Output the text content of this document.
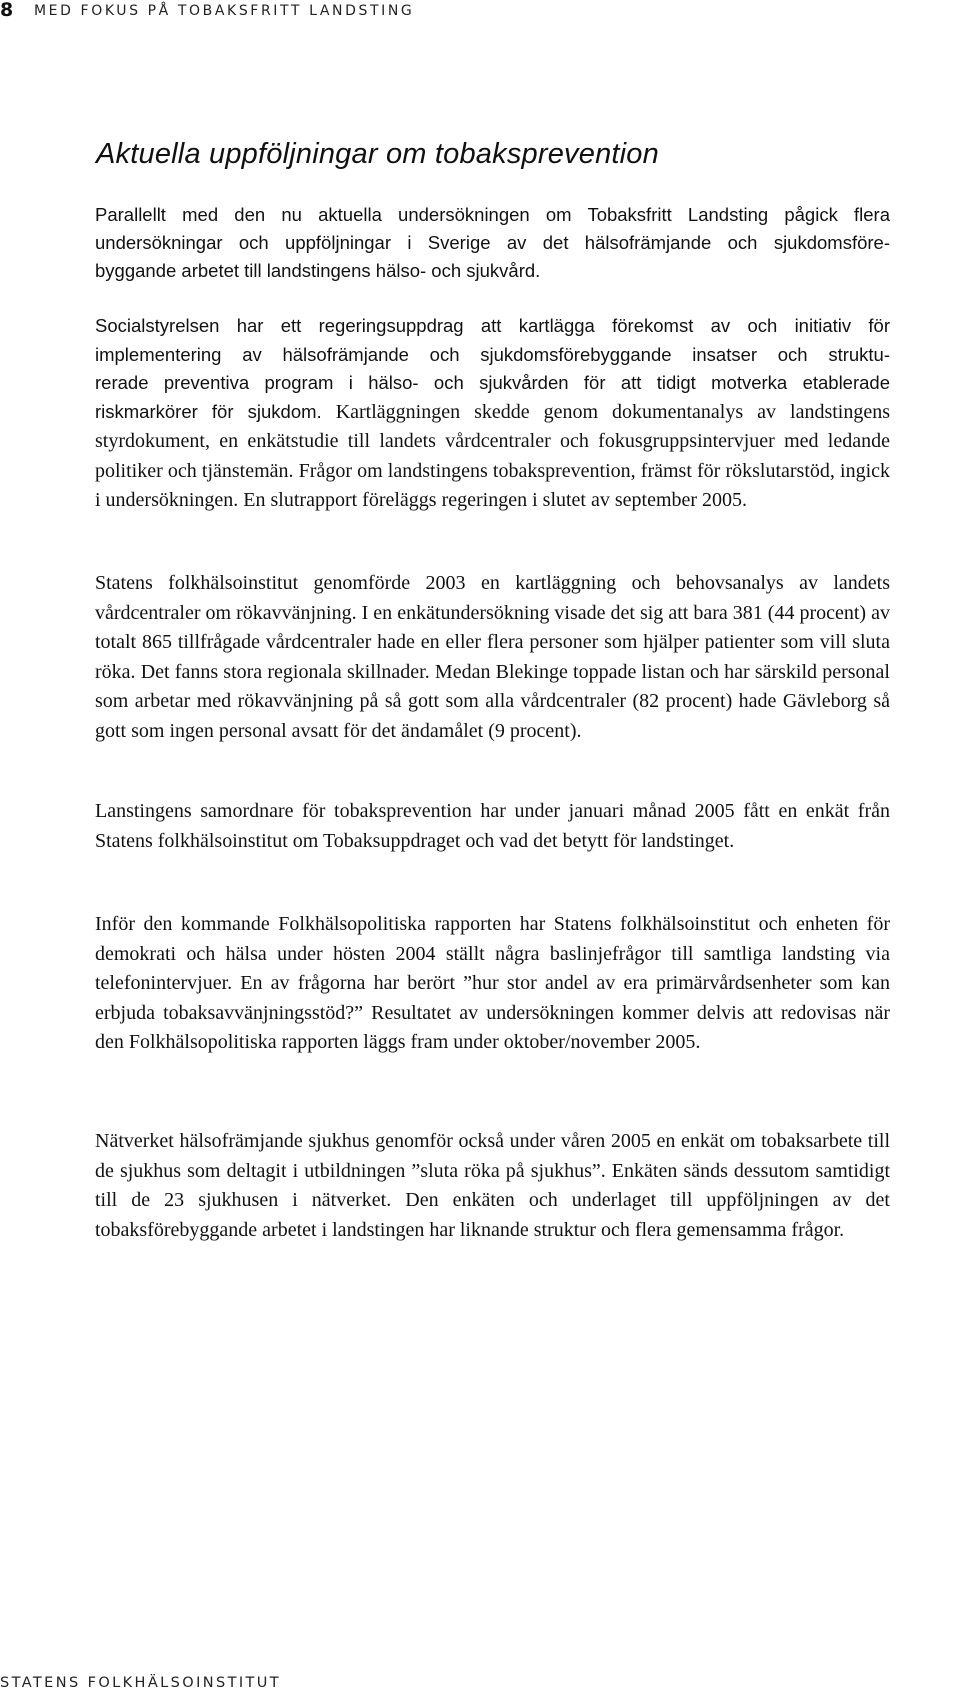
8 MED FOKUS PÅ TOBAKSFRITT LANDSTING
Aktuella uppföljningar om tobaksprevention
Parallellt med den nu aktuella undersökningen om Tobaksfritt Landsting pågick flera
undersökningar och uppföljningar i Sverige av det hälsofrämjande och sjukdomsföre-
byggande arbetet till landstingens hälso- och sjukvård.
Socialstyrelsen har ett regeringsuppdrag att kartlägga förekomst av och initiativ för
implementering av hälsofrämjande och sjukdomsförebyggande insatser och struktu-
rerade preventiva program i hälso- och sjukvården för att tidigt motverka etablerade

riskmarkörer för sjukdom. Kartläggningen skedde genom dokumentanalys av landstingens styrdokument, en enkätstudie till landets vårdcentraler och fokusgruppsintervjuer med ledande politiker och tjänstemän. Frågor om landstingens tobaksprevention, främst för rökslutarstöd, ingick i undersökningen. En slutrapport föreläggs regeringen i slutet av september 2005.

Statens folkhälsoinstitut genomförde 2003 en kartläggning och behovsanalys av landets vårdcentraler om rökavvänjning. I en enkätundersökning visade det sig att bara 381 (44 procent) av totalt 865 tillfrågade vårdcentraler hade en eller flera personer som hjälper patienter som vill sluta röka. Det fanns stora regionala skillnader. Medan Blekinge toppade listan och har särskild personal som arbetar med rökavvänjning på så gott som alla vårdcentraler (82 procent) hade Gävleborg så gott som ingen personal avsatt för det ändamålet (9 procent).

Lanstingens samordnare för tobaksprevention har under januari månad 2005 fått en enkät från Statens folkhälsoinstitut om Tobaksuppdraget och vad det betytt för landstinget.

Inför den kommande Folkhälsopolitiska rapporten har Statens folkhälsoinstitut och enheten för demokrati och hälsa under hösten 2004 ställt några baslinjefrågor till samtliga landsting via telefonintervjuer. En av frågorna har berört ”hur stor andel av era primärvårdsenheter som kan erbjuda tobaksavvänjningsstöd?” Resultatet av undersökningen kommer delvis att redovisas när den Folkhälsopolitiska rapporten läggs fram under oktober/november 2005.

Nätverket hälsofrämjande sjukhus genomför också under våren 2005 en enkät om tobaksarbete till de sjukhus som deltagit i utbildningen ”sluta röka på sjukhus”. Enkäten sänds dessutom samtidigt till de 23 sjukhusen i nätverket. Den enkäten och underlaget till uppföljningen av det tobaksförebyggande arbetet i landstingen har liknande struktur och flera gemensamma frågor.

STATENS FOLKHÄLSOINSTITUT
